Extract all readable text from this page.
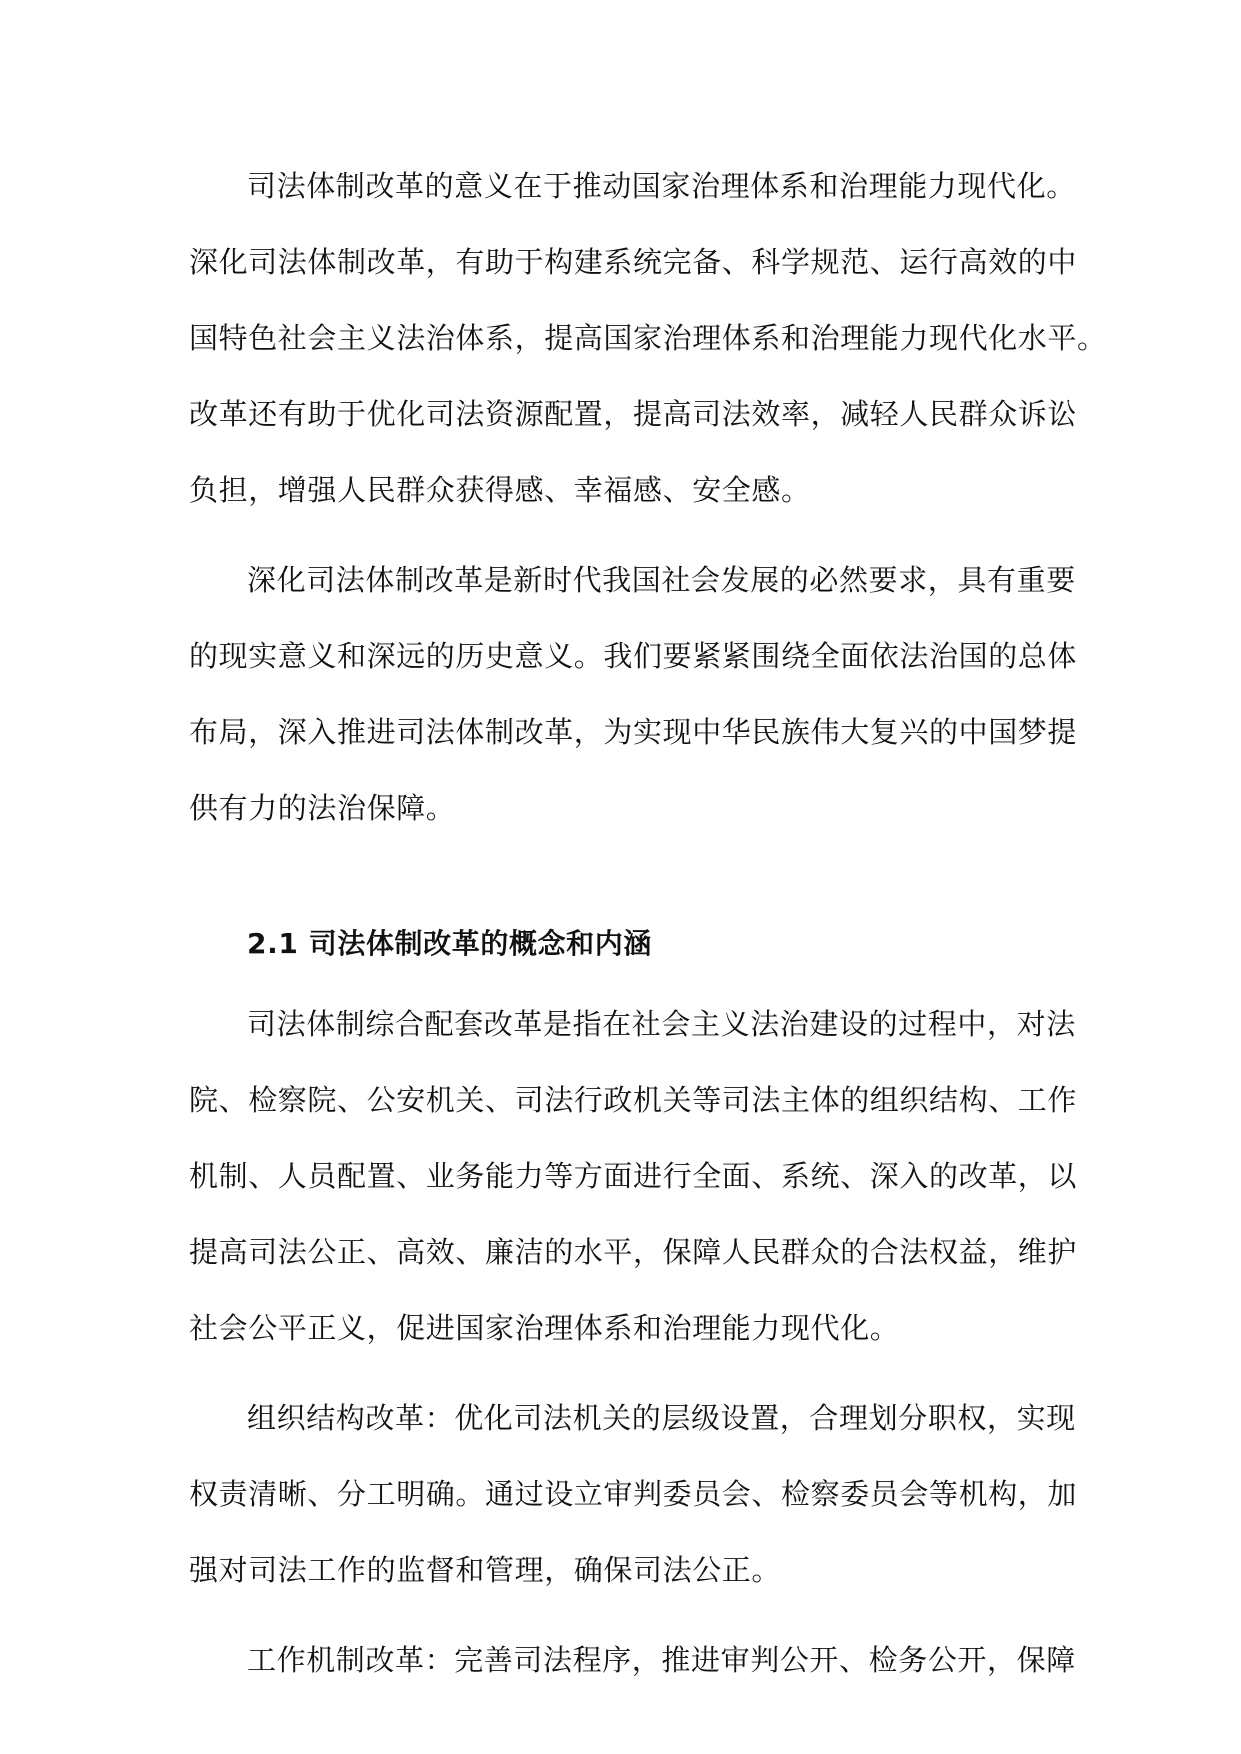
司法体制改革的意义在于推动国家治理体系和治理能力现代化。
深化司法体制改革，有助于构建系统完备、科学规范、运行高效的中
国特色社会主义法治体系，提高国家治理体系和治理能力现代化水平。
改革还有助于优化司法资源配置，提高司法效率，减轻人民群众诉讼
负担，增强人民群众获得感、幸福感、安全感。

深化司法体制改革是新时代我国社会发展的必然要求，具有重要
的现实意义和深远的历史意义。我们要紧紧围绕全面依法治国的总体
布局，深入推进司法体制改革，为实现中华民族伟大复兴的中国梦提
供有力的法治保障。

2.1 司法体制改革的概念和内涵

司法体制综合配套改革是指在社会主义法治建设的过程中，对法
院、检察院、公安机关、司法行政机关等司法主体的组织结构、工作
机制、人员配置、业务能力等方面进行全面、系统、深入的改革，以
提高司法公正、高效、廉洁的水平，保障人民群众的合法权益，维护
社会公平正义，促进国家治理体系和治理能力现代化。

组织结构改革：优化司法机关的层级设置，合理划分职权，实现
权责清晰、分工明确。通过设立审判委员会、检察委员会等机构，加
强对司法工作的监督和管理，确保司法公正。

工作机制改革：完善司法程序，推进审判公开、检务公开，保障
